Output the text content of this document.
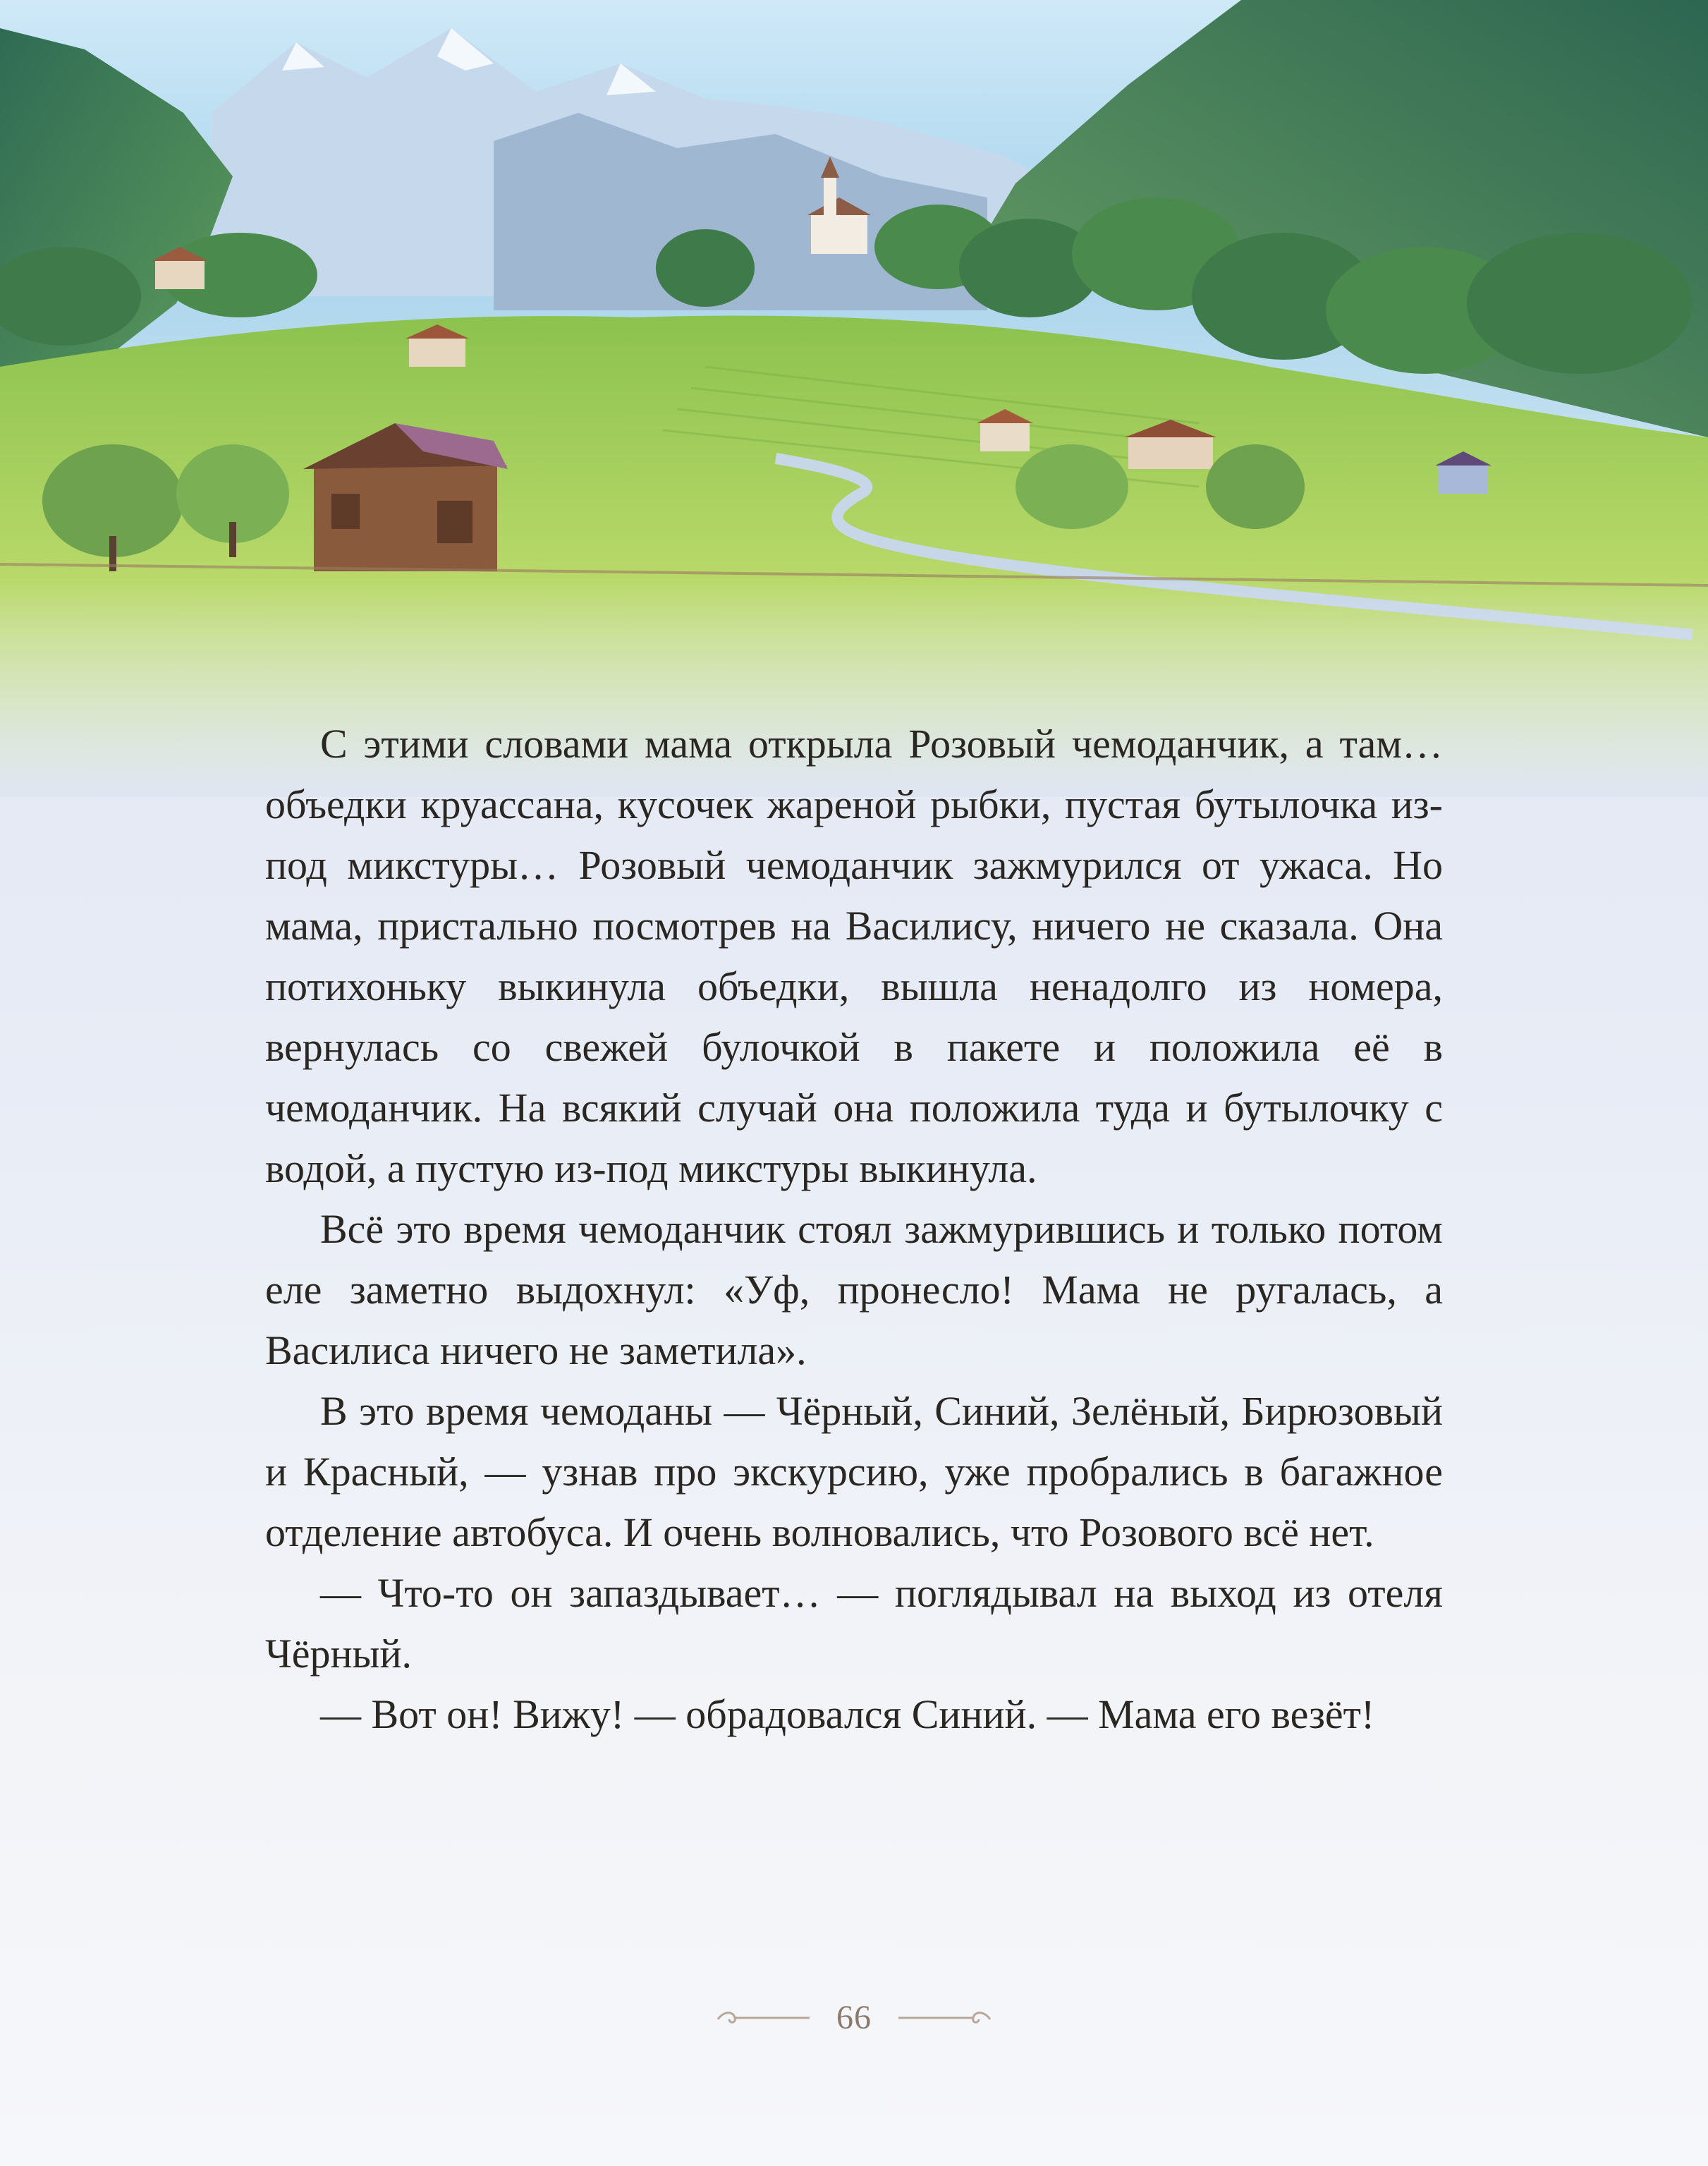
С этими словами мама открыла Розовый чемоданчик, а там… объедки круассана, кусочек жареной рыбки, пустая бутылочка из-под микстуры… Розовый чемоданчик зажмурился от ужаса. Но мама, пристально посмотрев на Василису, ничего не сказала. Она потихоньку выкинула объедки, вышла ненадолго из номера, вернулась со свежей булочкой в пакете и положила её в чемоданчик. На всякий случай она положила туда и бутылочку с водой, а пустую из-под микстуры выкинула.

Всё это время чемоданчик стоял зажмурившись и только потом еле заметно выдохнул: «Уф, пронесло! Мама не ругалась, а Василиса ничего не заметила».

В это время чемоданы — Чёрный, Синий, Зелёный, Бирюзовый и Красный, — узнав про экскурсию, уже пробрались в багажное отделение автобуса. И очень волновались, что Розового всё нет.

— Что-то он запаздывает… — поглядывал на выход из отеля Чёрный.

— Вот он! Вижу! — обрадовался Синий. — Мама его везёт!

66
